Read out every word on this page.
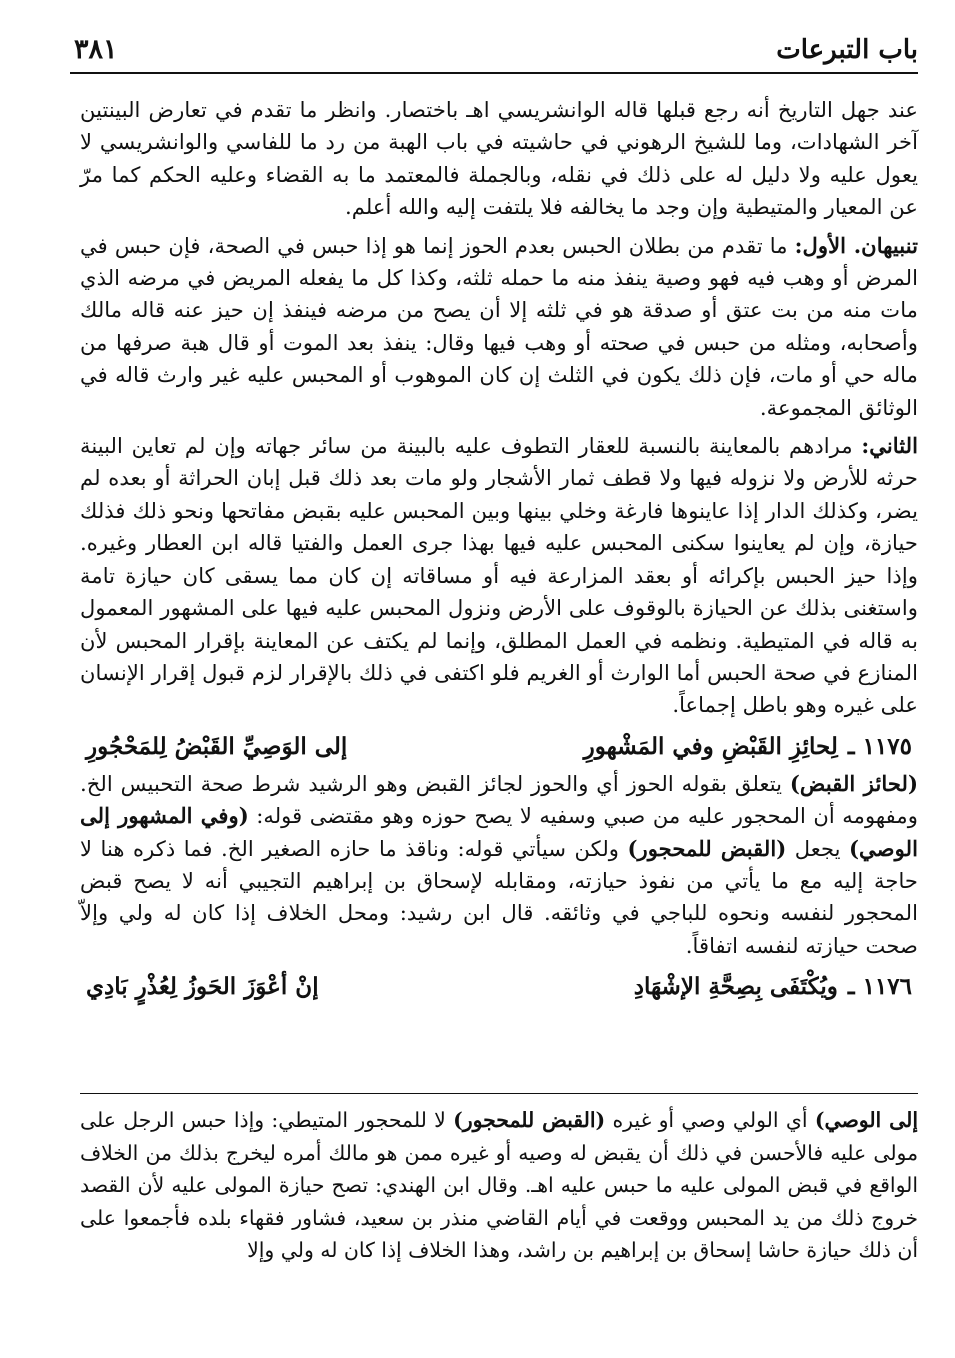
باب التبرعات
٣٨١

عند جهل التاريخ أنه رجع قبلها قاله الوانشريسي اهـ باختصار. وانظر ما تقدم في تعارض البينتين آخر الشهادات، وما للشيخ الرهوني في حاشيته في باب الهبة من رد ما للفاسي والوانشريسي لا يعول عليه ولا دليل له على ذلك في نقله، وبالجملة فالمعتمد ما به القضاء وعليه الحكم كما مرّ عن المعيار والمتيطية وإن وجد ما يخالفه فلا يلتفت إليه والله أعلم.

تنبيهان. الأول: ما تقدم من بطلان الحبس بعدم الحوز إنما هو إذا حبس في الصحة، فإن حبس في المرض أو وهب فيه فهو وصية ينفذ منه ما حمله ثلثه، وكذا كل ما يفعله المريض في مرضه الذي مات منه من بت عتق أو صدقة هو في ثلثه إلا أن يصح من مرضه فينفذ إن حيز عنه قاله مالك وأصحابه، ومثله من حبس في صحته أو وهب فيها وقال: ينفذ بعد الموت أو قال هبة صرفها من ماله حي أو مات، فإن ذلك يكون في الثلث إن كان الموهوب أو المحبس عليه غير وارث قاله في الوثائق المجموعة.

الثاني: مرادهم بالمعاينة بالنسبة للعقار التطوف عليه بالبينة من سائر جهاته وإن لم تعاين البينة حرثه للأرض ولا نزوله فيها ولا قطف ثمار الأشجار ولو مات بعد ذلك قبل إبان الحراثة أو بعده لم يضر، وكذلك الدار إذا عاينوها فارغة وخلي بينها وبين المحبس عليه بقبض مفاتحها ونحو ذلك فذلك حيازة، وإن لم يعاينوا سكنى المحبس عليه فيها بهذا جرى العمل والفتيا قاله ابن العطار وغيره. وإذا حيز الحبس بإكرائه أو بعقد المزارعة فيه أو مساقاته إن كان مما يسقى كان حيازة تامة واستغنى بذلك عن الحيازة بالوقوف على الأرض ونزول المحبس عليه فيها على المشهور المعمول به قاله في المتيطية. ونظمه في العمل المطلق، وإنما لم يكتف عن المعاينة بإقرار المحبس لأن المنازع في صحة الحبس أما الوارث أو الغريم فلو اكتفى في ذلك بالإقرار لزم قبول إقرار الإنسان على غيره وهو باطل إجماعاً.

١١٧٥ ـ
لِحائِزِ القَبْضِ وفي المَشْهورِ
إلى الوَصِيِّ القَبْضُ لِلمَحْجُورِ

(لحائز القبض) يتعلق بقوله الحوز أي والحوز لجائز القبض وهو الرشيد شرط صحة التحبيس الخ. ومفهومه أن المحجور عليه من صبي وسفيه لا يصح حوزه وهو مقتضى قوله: (وفي المشهور إلى الوصي) يجعل (القبض للمحجور) ولكن سيأتي قوله: وناقذ ما حازه الصغير الخ. فما ذكره هنا لا حاجة إليه مع ما يأتي من نفوذ حيازته، ومقابله لإسحاق بن إبراهيم التجيبي أنه لا يصح قبض المحجور لنفسه ونحوه للباجي في وثائقه. قال ابن رشيد: ومحل الخلاف إذا كان له ولي وإلاّ صحت حيازته لنفسه اتفاقاً.

١١٧٦ ـ
ويُكْتَفَى بِصِحَّةِ الإشْهَادِ
إنْ أعْوَزَ الحَوزُ لِعُذْرٍ بَادِي
إلى الوصي) أي الولي وصي أو غيره (القبض للمحجور) لا للمحجور المتيطي: وإذا حبس الرجل على مولى عليه فالأحسن في ذلك أن يقبض له وصيه أو غيره ممن هو مالك أمره ليخرج بذلك من الخلاف الواقع في قبض المولى عليه ما حبس عليه اهـ. وقال ابن الهندي: تصح حيازة المولى عليه لأن القصد خروج ذلك من يد المحبس ووقعت في أيام القاضي منذر بن سعيد، فشاور فقهاء بلده فأجمعوا على أن ذلك حيازة حاشا إسحاق بن إبراهيم بن راشد، وهذا الخلاف إذا كان له ولي وإلا
